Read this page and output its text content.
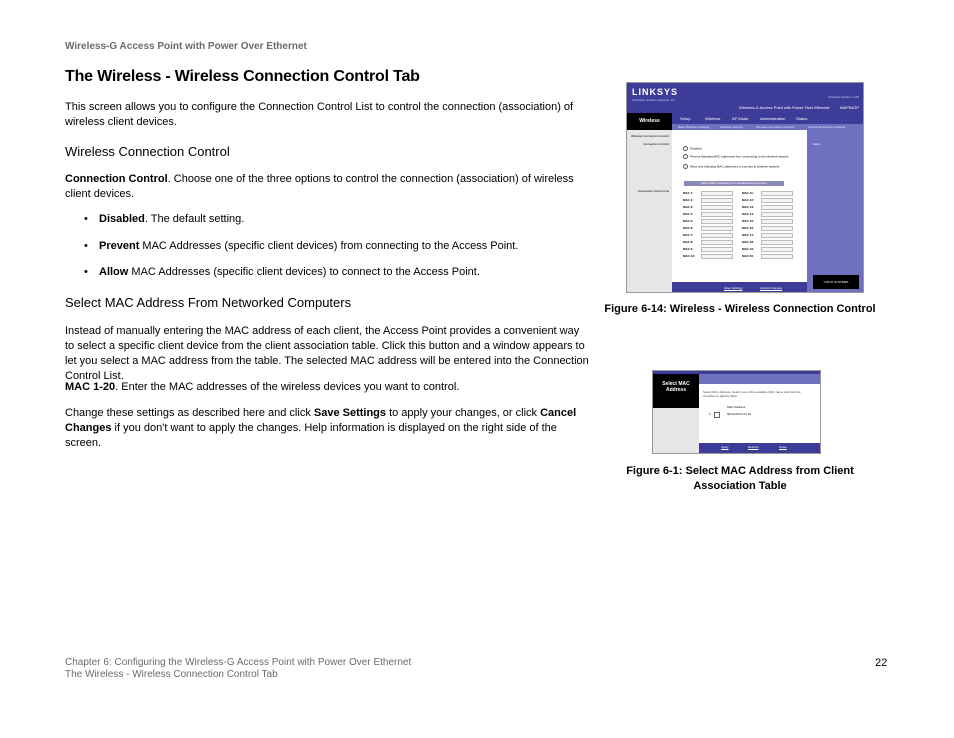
Wireless-G Access Point with Power Over Ethernet
The Wireless - Wireless Connection Control Tab
This screen allows you to configure the Connection Control List to control the connection (association) of wireless client devices.
Wireless Connection Control
Connection Control. Choose one of the three options to control the connection (association) of wireless client devices.
• Disabled. The default setting.
• Prevent MAC Addresses (specific client devices) from connecting to the Access Point.
• Allow MAC Addresses (specific client devices) to connect to the Access Point.
Select MAC Address From Networked Computers
Instead of manually entering the MAC address of each client, the Access Point provides a convenient way to select a specific client device from the client association table. Click this button and a window appears to let you select a MAC address from the table. The selected MAC address will be entered into the Connection Control List.
MAC 1-20. Enter the MAC addresses of the wireless devices you want to control.
Change these settings as described here and click Save Settings to apply your changes, or click Cancel Changes if you don't want to apply the changes. Help information is displayed on the right side of the screen.
LINKSYS
A Division of Cisco Systems, Inc.
Firmware Version: 1.00
Wireless-G Access Point with Power Over Ethernet	WAP54GP
Wireless	Setup	Wireless	AP Mode	Administration	Status
Basic Wireless Settings	Wireless Security	Wireless Connection Control	Advanced Wireless Settings
Wireless Connection Control
Connection Control
Connection Control List
Help...
Disabled
Prevent following MAC addresses from connecting to the wireless network
Allow only following MAC addresses to connect to wireless network
Select MAC Address From Networked Computers
MAC 1:
MAC 2:
MAC 3:
MAC 4:
MAC 5:
MAC 6:
MAC 7:
MAC 8:
MAC 9:
MAC 10:
MAC 11:
MAC 12:
MAC 13:
MAC 14:
MAC 15:
MAC 16:
MAC 17:
MAC 18:
MAC 19:
MAC 20:
Save Settings	Cancel Changes
CISCO SYSTEMS
Figure 6-14: Wireless - Wireless Connection Control
Select MAC Address	Select MAC Address: Select one of the available MAC name and click the checkbox to add the MAC
MAC Address
1	00:0a:00:01:01:01
Apply	Refresh	Close
Figure 6-1: Select MAC Address from Client Association Table
Chapter 6: Configuring the Wireless-G Access Point with Power Over Ethernet
The Wireless - Wireless Connection Control Tab
22
